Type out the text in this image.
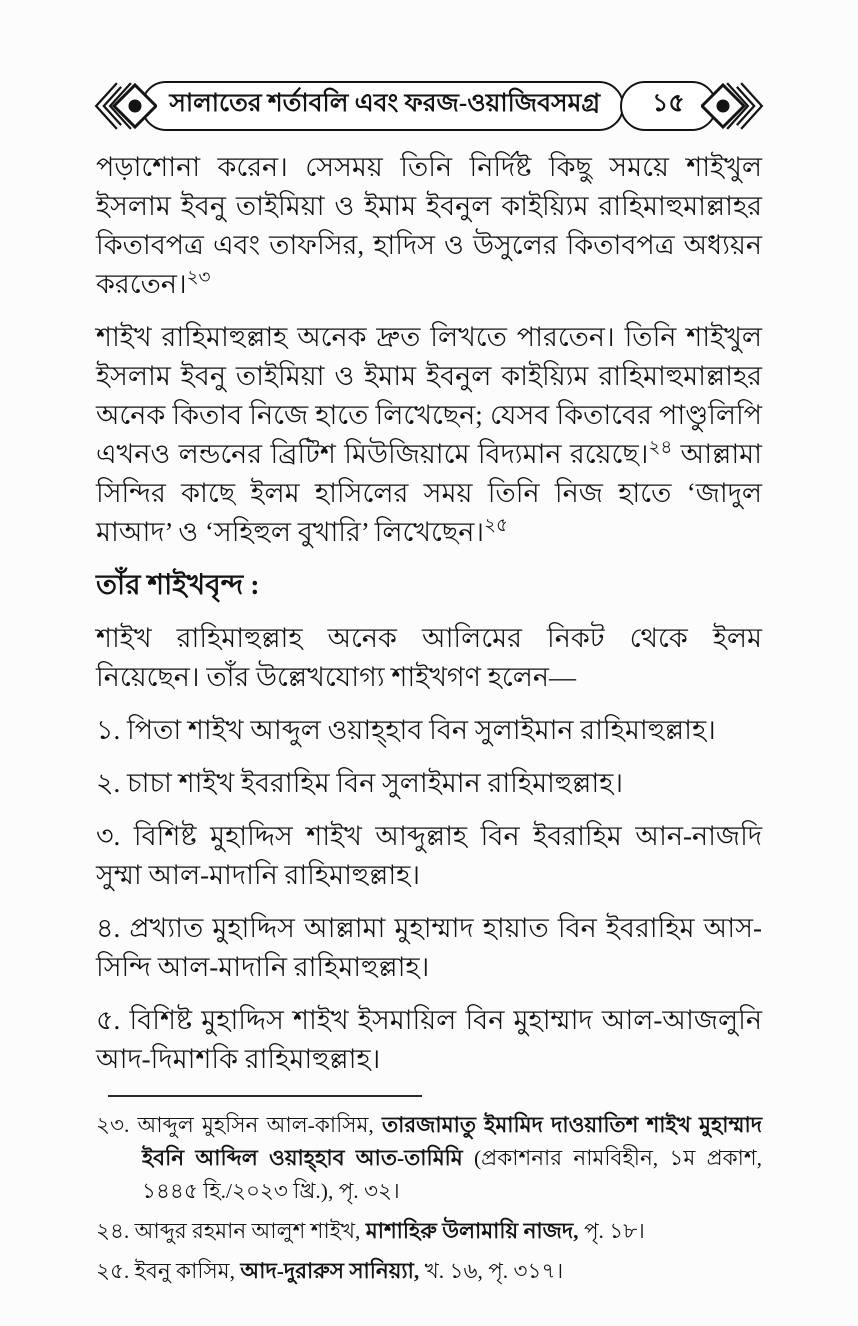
সালাতের শর্তাবলি এবং ফরজ-ওয়াজিবসমগ্র	১৫

পড়াশোনা করেন। সেসময় তিনি নির্দিষ্ট কিছু সময়ে শাইখুল ইসলাম ইবনু তাইমিয়া ও ইমাম ইবনুল কাইয়্যিম রাহিমাহুমাল্লাহর কিতাবপত্র এবং তাফসির, হাদিস ও উসুলের কিতাবপত্র অধ্যয়ন করতেন।$^{২৩}$

শাইখ রাহিমাহুল্লাহ অনেক দ্রুত লিখতে পারতেন। তিনি শাইখুল ইসলাম ইবনু তাইমিয়া ও ইমাম ইবনুল কাইয়্যিম রাহিমাহুমাল্লাহর অনেক কিতাব নিজে হাতে লিখেছেন; যেসব কিতাবের পাণ্ডুলিপি এখনও লন্ডনের ব্রিটিশ মিউজিয়ামে বিদ্যমান রয়েছে।$^{২৪}$ আল্লামা সিন্দির কাছে ইলম হাসিলের সময় তিনি নিজ হাতে ‘জাদুল মাআদ’ ও ‘সহিহুল বুখারি’ লিখেছেন।$^{২৫}$

তাঁর শাইখবৃন্দ :

শাইখ রাহিমাহুল্লাহ অনেক আলিমের নিকট থেকে ইলম নিয়েছেন। তাঁর উল্লেখযোগ্য শাইখগণ হলেন—

১. পিতা শাইখ আব্দুল ওয়াহ্হাব বিন সুলাইমান রাহিমাহুল্লাহ।

২. চাচা শাইখ ইবরাহিম বিন সুলাইমান রাহিমাহুল্লাহ।

৩. বিশিষ্ট মুহাদ্দিস শাইখ আব্দুল্লাহ বিন ইবরাহিম আন-নাজদি সুম্মা আল-মাদানি রাহিমাহুল্লাহ।

৪. প্রখ্যাত মুহাদ্দিস আল্লামা মুহাম্মাদ হায়াত বিন ইবরাহিম আস-সিন্দি আল-মাদানি রাহিমাহুল্লাহ।

৫. বিশিষ্ট মুহাদ্দিস শাইখ ইসমায়িল বিন মুহাম্মাদ আল-আজলুনি আদ-দিমাশকি রাহিমাহুল্লাহ।

২৩. আব্দুল মুহসিন আল-কাসিম, তারজামাতু ইমামিদ দাওয়াতিশ শাইখ মুহাম্মাদ ইবনি আব্দিল ওয়াহ্হাব আত-তামিমি (প্রকাশনার নামবিহীন, ১ম প্রকাশ, ১৪৪৫ হি./২০২৩ খ্রি.), পৃ. ৩২।

২৪. আব্দুর রহমান আলুশ শাইখ, মাশাহিরু উলামায়ি নাজদ, পৃ. ১৮।

২৫. ইবনু কাসিম, আদ-দুরারুস সানিয়্যা, খ. ১৬, পৃ. ৩১৭।
